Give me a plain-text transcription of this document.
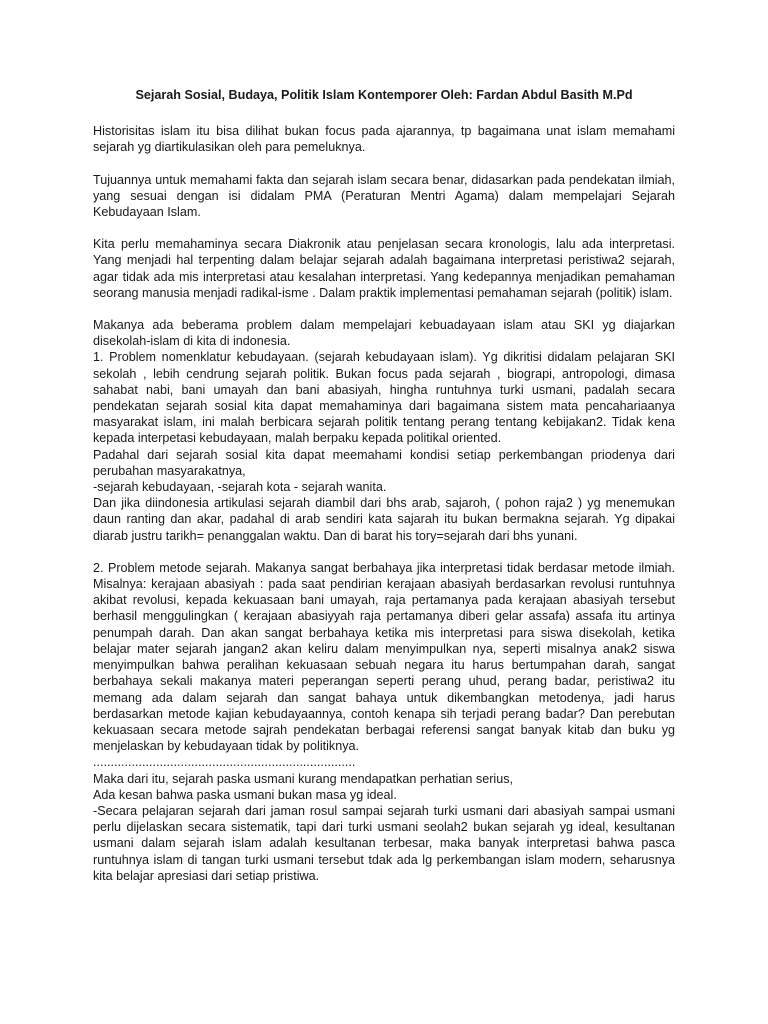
Sejarah Sosial, Budaya, Politik Islam Kontemporer Oleh: Fardan Abdul Basith M.Pd

Historisitas islam itu bisa dilihat bukan focus pada ajarannya, tp bagaimana unat islam memahami sejarah yg diartikulasikan oleh para pemeluknya.

Tujuannya untuk memahami fakta dan sejarah islam secara benar, didasarkan pada pendekatan ilmiah, yang sesuai dengan isi didalam PMA (Peraturan Mentri Agama) dalam mempelajari Sejarah Kebudayaan Islam.

Kita perlu memahaminya secara Diakronik atau penjelasan secara kronologis, lalu ada interpretasi. Yang menjadi hal terpenting dalam belajar sejarah adalah bagaimana interpretasi peristiwa2 sejarah, agar tidak ada mis interpretasi atau kesalahan interpretasi. Yang kedepannya menjadikan pemahaman seorang manusia menjadi radikal-isme . Dalam praktik implementasi pemahaman sejarah (politik) islam.

Makanya ada beberama problem dalam mempelajari kebuadayaan islam atau SKI yg diajarkan disekolah-islam di kita di indonesia.

1. Problem nomenklatur kebudayaan. (sejarah kebudayaan islam). Yg dikritisi didalam pelajaran SKI sekolah , lebih cendrung sejarah politik. Bukan focus pada sejarah , biograpi, antropologi, dimasa sahabat nabi, bani umayah dan bani abasiyah, hingha runtuhnya turki usmani, padalah secara pendekatan sejarah sosial kita dapat memahaminya dari bagaimana sistem mata pencahariaanya masyarakat islam, ini malah berbicara sejarah politik tentang perang tentang kebijakan2. Tidak kena kepada interpetasi kebudayaan, malah berpaku kepada politikal oriented.

Padahal dari sejarah sosial kita dapat meemahami kondisi setiap perkembangan priodenya dari perubahan masyarakatnya,

-sejarah kebudayaan, -sejarah kota - sejarah wanita.

Dan jika diindonesia artikulasi sejarah diambil dari bhs arab, sajaroh, ( pohon raja2 ) yg menemukan daun ranting dan akar, padahal di arab sendiri kata sajarah itu bukan bermakna sejarah. Yg dipakai diarab justru tarikh= penanggalan waktu. Dan di barat his tory=sejarah dari bhs yunani.

2. Problem metode sejarah. Makanya sangat berbahaya jika interpretasi tidak berdasar metode ilmiah. Misalnya: kerajaan abasiyah : pada saat pendirian kerajaan abasiyah berdasarkan revolusi runtuhnya akibat revolusi, kepada kekuasaan bani umayah, raja pertamanya pada kerajaan abasiyah tersebut berhasil menggulingkan ( kerajaan abasiyyah raja pertamanya diberi gelar assafa) assafa itu artinya penumpah darah. Dan akan sangat berbahaya ketika mis interpretasi para siswa disekolah, ketika belajar mater sejarah jangan2 akan keliru dalam menyimpulkan nya, seperti misalnya anak2 siswa menyimpulkan bahwa peralihan kekuasaan sebuah negara itu harus bertumpahan darah, sangat berbahaya sekali makanya materi peperangan seperti perang uhud, perang badar, peristiwa2 itu memang ada dalam sejarah dan sangat bahaya untuk dikembangkan metodenya, jadi harus berdasarkan metode kajian kebudayaannya, contoh kenapa sih terjadi perang badar? Dan perebutan kekuasaan secara metode sajrah pendekatan berbagai referensi sangat banyak kitab dan buku yg menjelaskan by kebudayaan tidak by politiknya.

...........................................................................

Maka dari itu, sejarah paska usmani kurang mendapatkan perhatian serius,

Ada kesan bahwa paska usmani bukan masa yg ideal.

-Secara pelajaran sejarah dari jaman rosul sampai sejarah turki usmani dari abasiyah sampai usmani perlu dijelaskan secara sistematik, tapi dari turki usmani seolah2 bukan sejarah yg ideal, kesultanan usmani dalam sejarah islam adalah kesultanan terbesar, maka banyak interpretasi bahwa pasca runtuhnya islam di tangan turki usmani tersebut tdak ada lg perkembangan islam modern, seharusnya kita belajar apresiasi dari setiap pristiwa.
